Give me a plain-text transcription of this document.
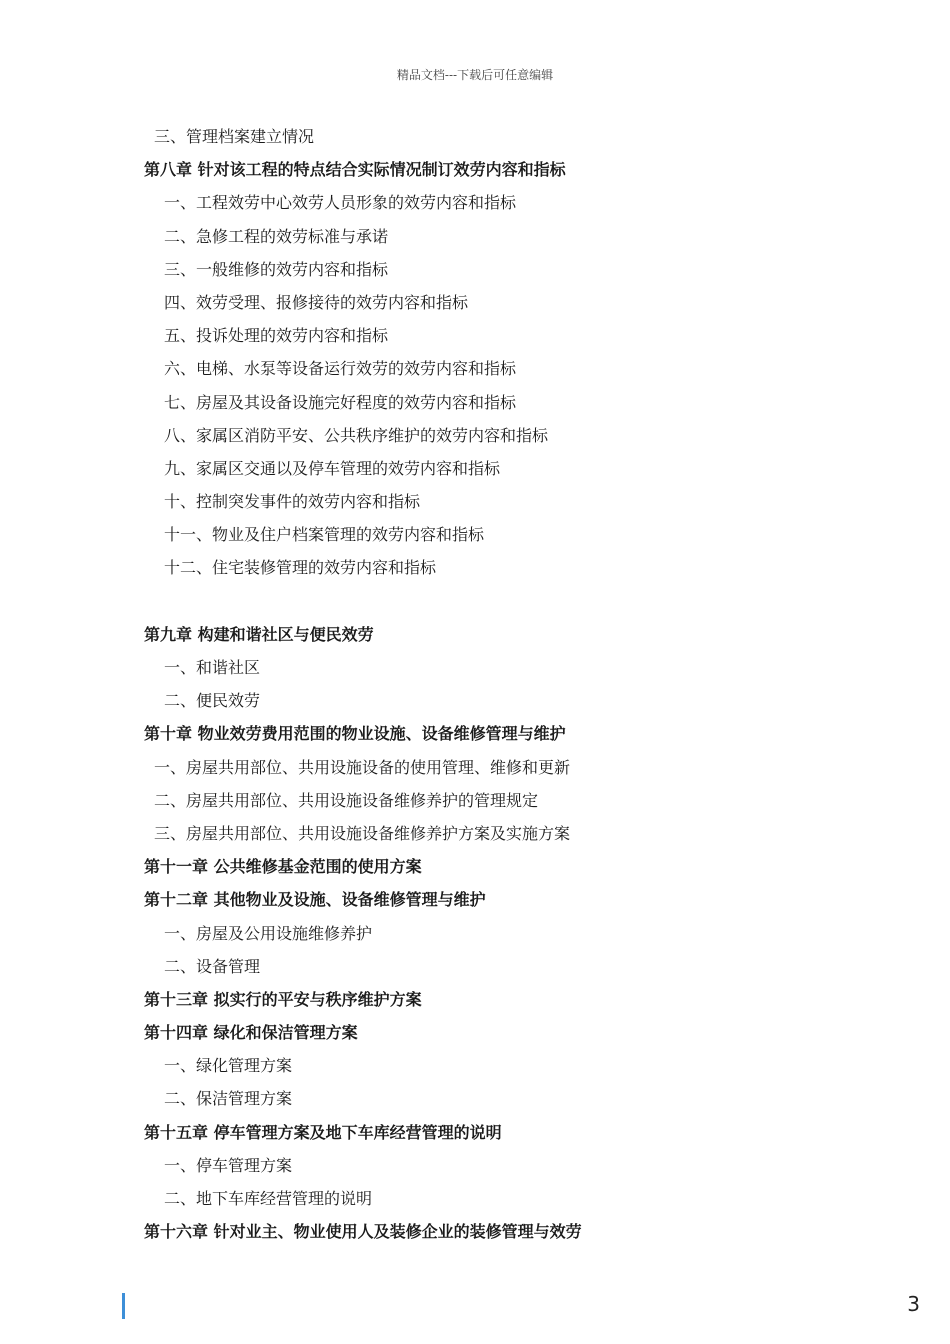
精品文档---下载后可任意编辑
三、管理档案建立情况
第八章 针对该工程的特点结合实际情况制订效劳内容和指标
一、工程效劳中心效劳人员形象的效劳内容和指标
二、急修工程的效劳标准与承诺
三、一般维修的效劳内容和指标
四、效劳受理、报修接待的效劳内容和指标
五、投诉处理的效劳内容和指标
六、电梯、水泵等设备运行效劳的效劳内容和指标
七、房屋及其设备设施完好程度的效劳内容和指标
八、家属区消防平安、公共秩序维护的效劳内容和指标
九、家属区交通以及停车管理的效劳内容和指标
十、控制突发事件的效劳内容和指标
十一、物业及住户档案管理的效劳内容和指标
十二、住宅装修管理的效劳内容和指标
第九章 构建和谐社区与便民效劳
一、和谐社区
二、便民效劳
第十章 物业效劳费用范围的物业设施、设备维修管理与维护
一、房屋共用部位、共用设施设备的使用管理、维修和更新
二、房屋共用部位、共用设施设备维修养护的管理规定
三、房屋共用部位、共用设施设备维修养护方案及实施方案
第十一章 公共维修基金范围的使用方案
第十二章 其他物业及设施、设备维修管理与维护
一、房屋及公用设施维修养护
二、设备管理
第十三章 拟实行的平安与秩序维护方案
第十四章 绿化和保洁管理方案
一、绿化管理方案
二、保洁管理方案
第十五章 停车管理方案及地下车库经营管理的说明
一、停车管理方案
二、地下车库经营管理的说明
第十六章 针对业主、物业使用人及装修企业的装修管理与效劳
3
